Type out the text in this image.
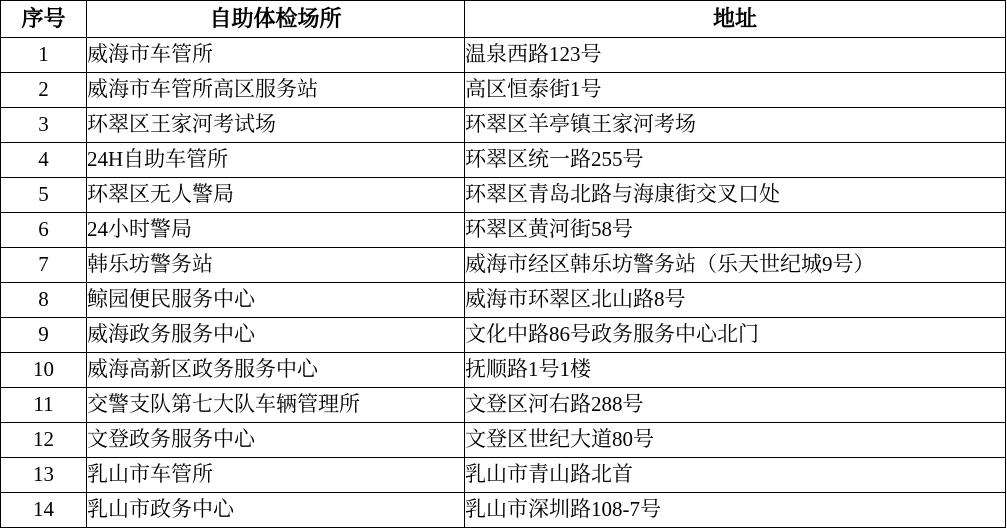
序号	自助体检场所	地址
1	威海市车管所	温泉西路123号
2	威海市车管所高区服务站	高区恒泰街1号
3	环翠区王家河考试场	环翠区羊亭镇王家河考场
4	24H自助车管所	环翠区统一路255号
5	环翠区无人警局	环翠区青岛北路与海康街交叉口处
6	24小时警局	环翠区黄河街58号
7	韩乐坊警务站	威海市经区韩乐坊警务站（乐天世纪城9号）
8	鲸园便民服务中心	威海市环翠区北山路8号
9	威海政务服务中心	文化中路86号政务服务中心北门
10	威海高新区政务服务中心	抚顺路1号1楼
11	交警支队第七大队车辆管理所	文登区河右路288号
12	文登政务服务中心	文登区世纪大道80号
13	乳山市车管所	乳山市青山路北首
14	乳山市政务中心	乳山市深圳路108-7号
